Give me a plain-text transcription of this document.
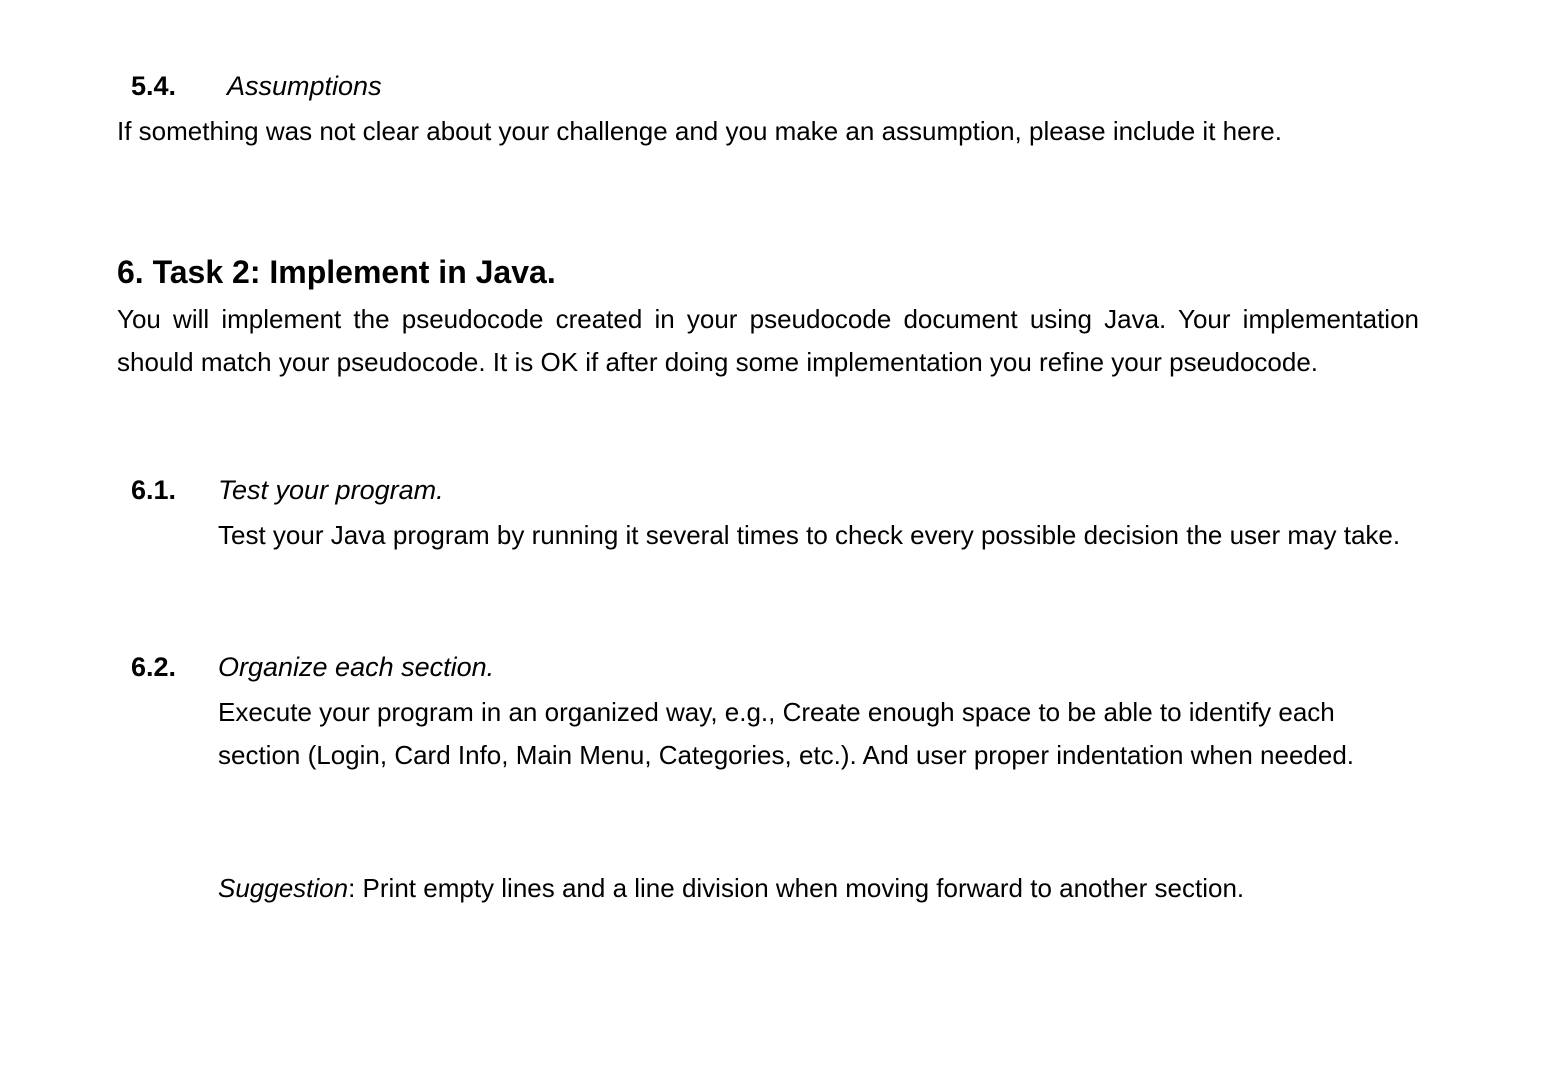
5.4. Assumptions

If something was not clear about your challenge and you make an assumption, please include it here.

6. Task 2: Implement in Java.

You will implement the pseudocode created in your pseudocode document using Java. Your implementation should match your pseudocode. It is OK if after doing some implementation you refine your pseudocode.

6.1. Test your program.

Test your Java program by running it several times to check every possible decision the user may take.

6.2. Organize each section.

Execute your program in an organized way, e.g., Create enough space to be able to identify each section (Login, Card Info, Main Menu, Categories, etc.). And user proper indentation when needed.

Suggestion: Print empty lines and a line division when moving forward to another section.
